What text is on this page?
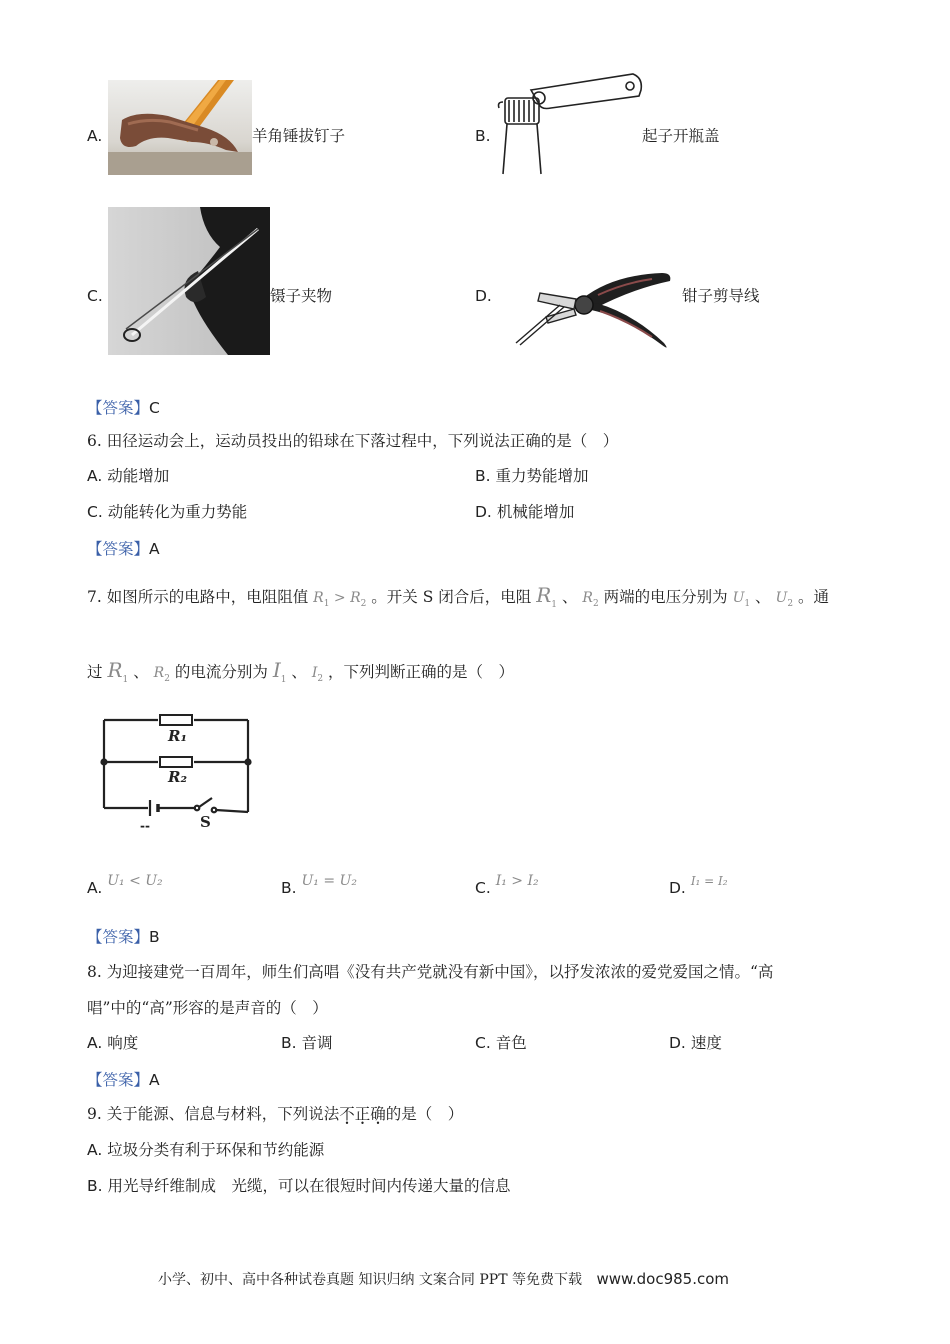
A.	羊角锤拔钉子	B.	起子开瓶盖
C.	镊子夹物	D.	钳子剪导线
【答案】C
6. 田径运动会上，运动员投出的铅球在下落过程中，下列说法正确的是（　）
A. 动能增加	B. 重力势能增加
C. 动能转化为重力势能	D. 机械能增加
【答案】A
7. 如图所示的电路中，电阻阻值 $R_1 > R_2$ 。开关 S 闭合后，电阻 $R_1$ 、 $R_2$ 两端的电压分别为 $U_1$ 、 $U_2$ 。通
过 $R_1$ 、 $R_2$ 的电流分别为 $I_1$ 、 $I_2$ ，下列判断正确的是（　）
R₁
R₂
S
--
A. U₁ < U₂	B. U₁ = U₂	C. I₁ > I₂	D. I₁ = I₂
【答案】B
8. 为迎接建党一百周年，师生们高唱《没有共产党就没有新中国》，以抒发浓浓的爱党爱国之情。“高
唱”中的“高”形容的是声音的（　）
A. 响度	B. 音调	C. 音色	D. 速度
【答案】A
9. 关于能源、信息与材料，下列说法不正确的是（　）
A. 垃圾分类有利于环保和节约能源
B. 用光导纤维制成　光缆，可以在很短时间内传递大量的信息
小学、初中、高中各种试卷真题 知识归纳 文案合同 PPT 等免费下载 www.doc985.com
